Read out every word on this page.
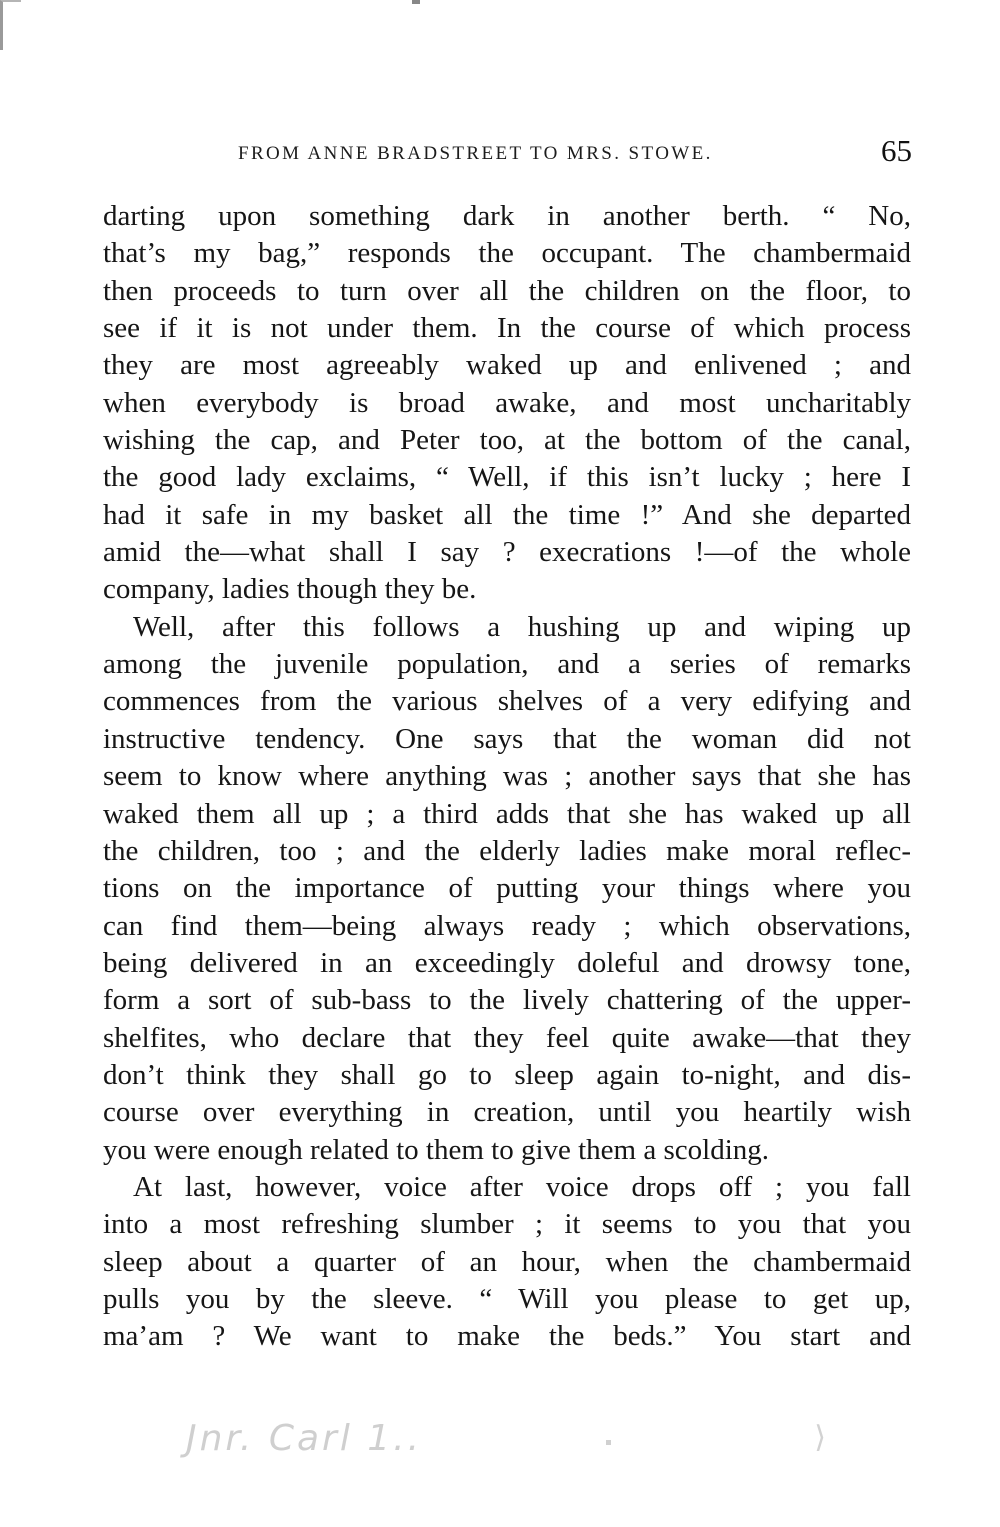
FROM ANNE BRADSTREET TO MRS. STOWE.	65
darting upon something dark in another berth. “ No,
that’s my bag,” responds the occupant. The chambermaid
then proceeds to turn over all the children on the floor, to
see if it is not under them. In the course of which process
they are most agreeably waked up and enlivened ; and
when everybody is broad awake, and most uncharitably
wishing the cap, and Peter too, at the bottom of the canal,
the good lady exclaims, “ Well, if this isn’t lucky ; here I
had it safe in my basket all the time !” And she departed
amid the—what shall I say ? execrations !—of the whole
company, ladies though they be.
Well, after this follows a hushing up and wiping up
among the juvenile population, and a series of remarks
commences from the various shelves of a very edifying and
instructive tendency. One says that the woman did not
seem to know where anything was ; another says that she has
waked them all up ; a third adds that she has waked up all
the children, too ; and the elderly ladies make moral reflec-
tions on the importance of putting your things where you
can find them—being always ready ; which observations,
being delivered in an exceedingly doleful and drowsy tone,
form a sort of sub-bass to the lively chattering of the upper-
shelfites, who declare that they feel quite awake—that they
don’t think they shall go to sleep again to-night, and dis-
course over everything in creation, until you heartily wish
you were enough related to them to give them a scolding.
At last, however, voice after voice drops off ; you fall
into a most refreshing slumber ; it seems to you that you
sleep about a quarter of an hour, when the chambermaid
pulls you by the sleeve. “ Will you please to get up,
ma’am ? We want to make the beds.” You start and
Jnr. Carl 1..	⟩
